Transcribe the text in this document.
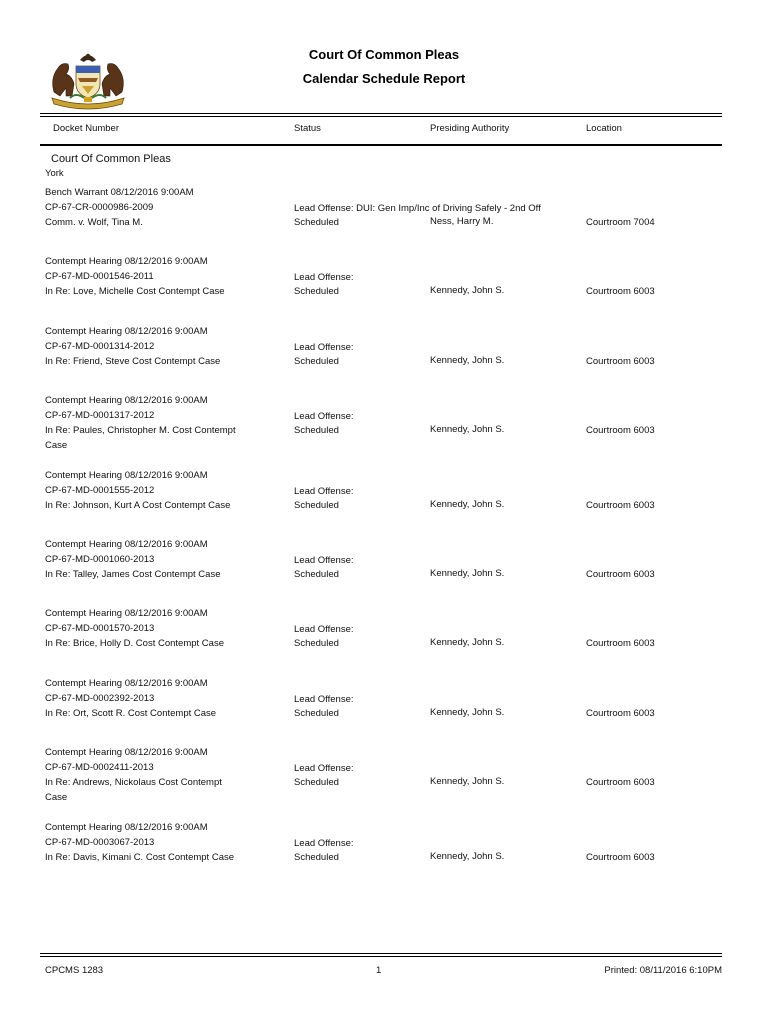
Court Of Common Pleas
Calendar Schedule Report
Docket Number	Status	Presiding Authority	Location
Court Of Common Pleas
York
Bench Warrant 08/12/2016 9:00AM
CP-67-CR-0000986-2009
Comm. v. Wolf, Tina M.
Lead Offense: DUI: Gen Imp/Inc of Driving Safely - 2nd Off
Scheduled	Ness, Harry M.	Courtroom 7004
Contempt Hearing 08/12/2016 9:00AM
CP-67-MD-0001546-2011
In Re: Love, Michelle Cost Contempt Case
Lead Offense:
Scheduled	Kennedy, John S.	Courtroom 6003
Contempt Hearing 08/12/2016 9:00AM
CP-67-MD-0001314-2012
In Re: Friend, Steve Cost Contempt Case
Lead Offense:
Scheduled	Kennedy, John S.	Courtroom 6003
Contempt Hearing 08/12/2016 9:00AM
CP-67-MD-0001317-2012
In Re: Paules, Christopher M. Cost Contempt
Case
Lead Offense:
Scheduled	Kennedy, John S.	Courtroom 6003
Contempt Hearing 08/12/2016 9:00AM
CP-67-MD-0001555-2012
In Re: Johnson, Kurt A Cost Contempt Case
Lead Offense:
Scheduled	Kennedy, John S.	Courtroom 6003
Contempt Hearing 08/12/2016 9:00AM
CP-67-MD-0001060-2013
In Re: Talley, James Cost Contempt Case
Lead Offense:
Scheduled	Kennedy, John S.	Courtroom 6003
Contempt Hearing 08/12/2016 9:00AM
CP-67-MD-0001570-2013
In Re: Brice, Holly D. Cost Contempt Case
Lead Offense:
Scheduled	Kennedy, John S.	Courtroom 6003
Contempt Hearing 08/12/2016 9:00AM
CP-67-MD-0002392-2013
In Re: Ort, Scott R. Cost Contempt Case
Lead Offense:
Scheduled	Kennedy, John S.	Courtroom 6003
Contempt Hearing 08/12/2016 9:00AM
CP-67-MD-0002411-2013
In Re: Andrews, Nickolaus Cost Contempt
Case
Lead Offense:
Scheduled	Kennedy, John S.	Courtroom 6003
Contempt Hearing 08/12/2016 9:00AM
CP-67-MD-0003067-2013
In Re: Davis, Kimani C. Cost Contempt Case
Lead Offense:
Scheduled	Kennedy, John S.	Courtroom 6003
CPCMS 1283	1	Printed: 08/11/2016 6:10PM
